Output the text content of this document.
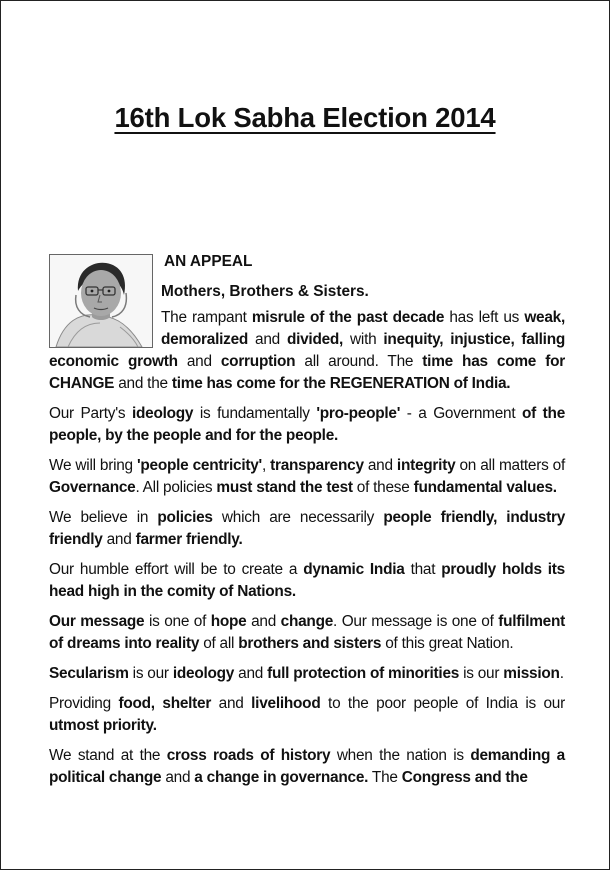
16th Lok Sabha Election 2014
AN APPEAL
Mothers, Brothers & Sisters.

The rampant misrule of the past decade has left us weak, demoralized and divided, with inequity, injustice, falling economic growth and corruption all around. The time has come for CHANGE and the time has come for the REGENERATION of India.

Our Party's ideology is fundamentally 'pro-people' - a Government of the people, by the people and for the people.

We will bring 'people centricity', transparency and integrity on all matters of Governance. All policies must stand the test of these fundamental values.

We believe in policies which are necessarily people friendly, industry friendly and farmer friendly.

Our humble effort will be to create a dynamic India that proudly holds its head high in the comity of Nations.

Our message is one of hope and change. Our message is one of fulfilment of dreams into reality of all brothers and sisters of this great Nation.

Secularism is our ideology and full protection of minorities is our mission.

Providing food, shelter and livelihood to the poor people of India is our utmost priority.

We stand at the cross roads of history when the nation is demanding a political change and a change in governance. The Congress and the
